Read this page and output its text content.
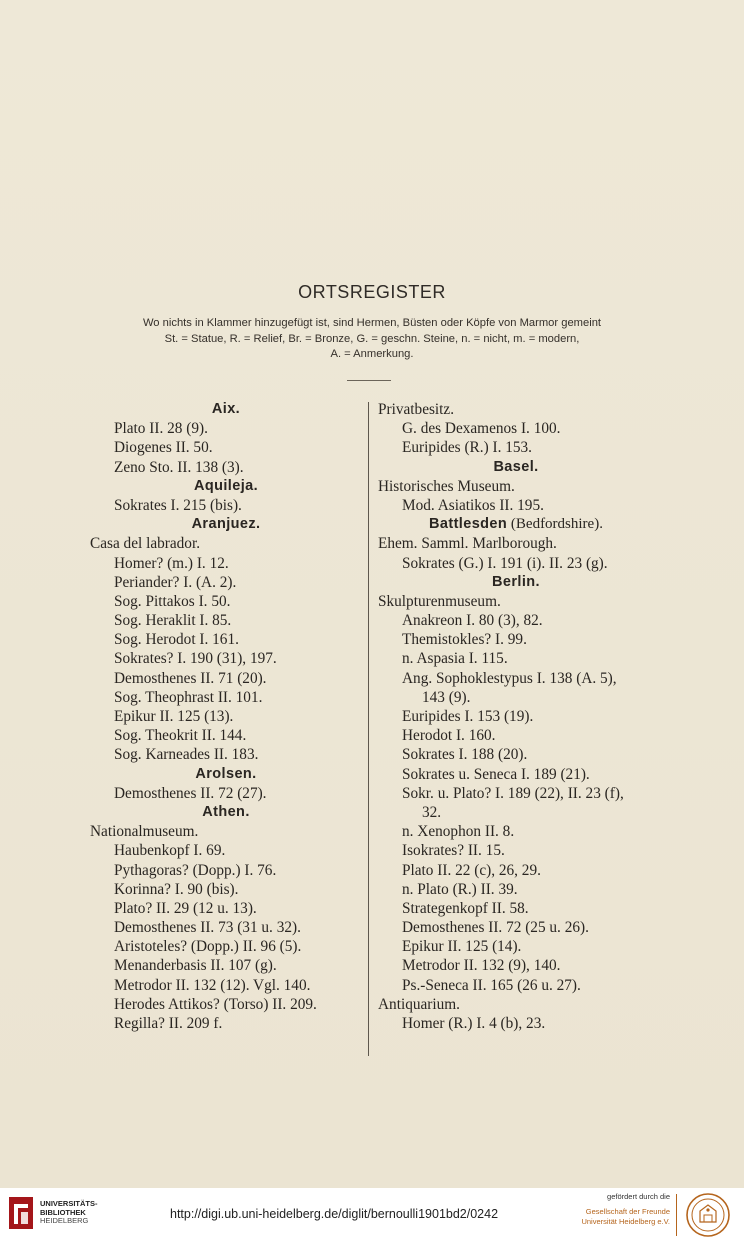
ORTSREGISTER
Wo nichts in Klammer hinzugefügt ist, sind Hermen, Büsten oder Köpfe von Marmor gemeint
St. = Statue, R. = Relief, Br. = Bronze, G. = geschn. Steine, n. = nicht, m. = modern,
A. = Anmerkung.
Aix.
Plato II. 28 (9).
Diogenes II. 50.
Zeno Sto. II. 138 (3).
Aquileja.
Sokrates I. 215 (bis).
Aranjuez.
Casa del labrador.
Homer? (m.) I. 12.
Periander? I. (A. 2).
Sog. Pittakos I. 50.
Sog. Heraklit I. 85.
Sog. Herodot I. 161.
Sokrates? I. 190 (31), 197.
Demosthenes II. 71 (20).
Sog. Theophrast II. 101.
Epikur II. 125 (13).
Sog. Theokrit II. 144.
Sog. Karneades II. 183.
Arolsen.
Demosthenes II. 72 (27).
Athen.
Nationalmuseum.
Haubenkopf I. 69.
Pythagoras? (Dopp.) I. 76.
Korinna? I. 90 (bis).
Plato? II. 29 (12 u. 13).
Demosthenes II. 73 (31 u. 32).
Aristoteles? (Dopp.) II. 96 (5).
Menanderbasis II. 107 (g).
Metrodor II. 132 (12). Vgl. 140.
Herodes Attikos? (Torso) II. 209.
Regilla? II. 209 f.
Privatbesitz.
G. des Dexamenos I. 100.
Euripides (R.) I. 153.
Basel.
Historisches Museum.
Mod. Asiatikos II. 195.
Battlesden (Bedfordshire).
Ehem. Samml. Marlborough.
Sokrates (G.) I. 191 (i). II. 23 (g).
Berlin.
Skulpturenmuseum.
Anakreon I. 80 (3), 82.
Themistokles? I. 99.
n. Aspasia I. 115.
Ang. Sophoklestypus I. 138 (A. 5),
143 (9).
Euripides I. 153 (19).
Herodot I. 160.
Sokrates I. 188 (20).
Sokrates u. Seneca I. 189 (21).
Sokr. u. Plato? I. 189 (22), II. 23 (f),
32.
n. Xenophon II. 8.
Isokrates? II. 15.
Plato II. 22 (c), 26, 29.
n. Plato (R.) II. 39.
Strategenkopf II. 58.
Demosthenes II. 72 (25 u. 26).
Epikur II. 125 (14).
Metrodor II. 132 (9), 140.
Ps.-Seneca II. 165 (26 u. 27).
Antiquarium.
Homer (R.) I. 4 (b), 23.
UNIVERSITÄTS-
BIBLIOTHEK
HEIDELBERG	http://digi.ub.uni-heidelberg.de/diglit/bernoulli1901bd2/0242
gefördert durch die
Gesellschaft der Freunde
Universität Heidelberg e.V.
